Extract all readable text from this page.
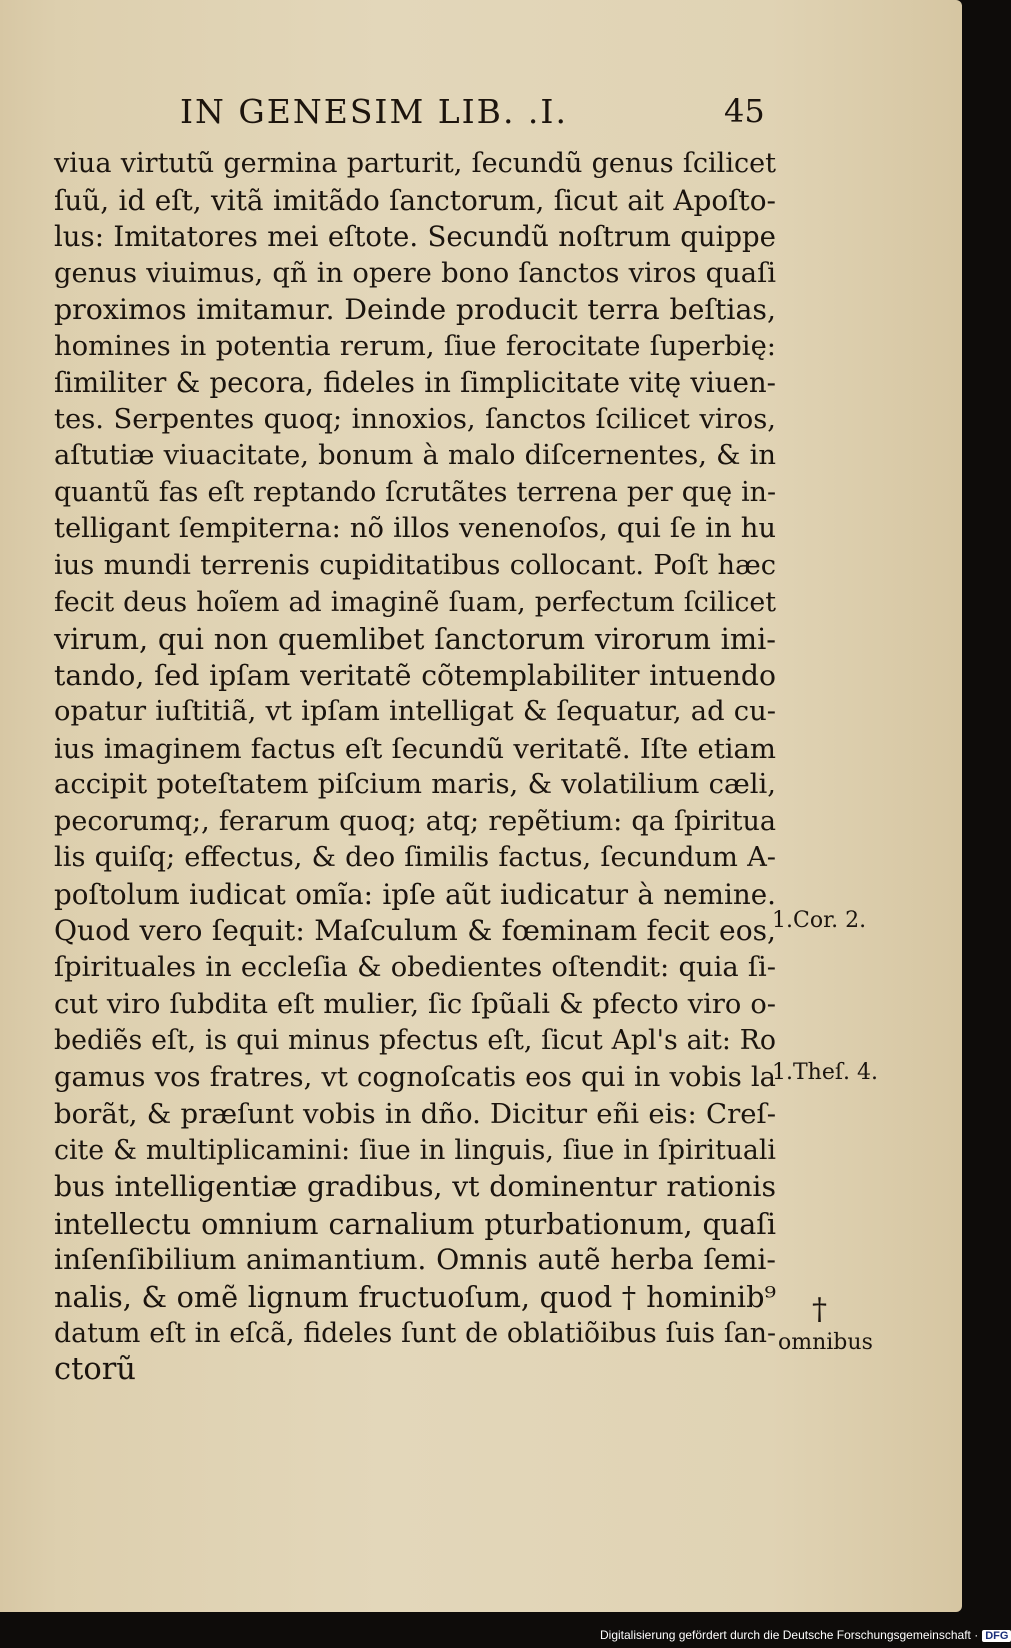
IN GENESIM LIB. .I.	45
viua virtutũ germina parturit, ſecundũ genus ſcilicet
ſuũ, id eſt, vitã imitãdo ſanctorum, ſicut ait Apoſto-
lus: Imitatores mei eſtote. Secundũ noſtrum quippe
genus viuimus, qñ in opere bono ſanctos viros quaſi
proximos imitamur. Deinde producit terra beſtias,
homines in potentia rerum, ſiue ferocitate ſuperbię:
ſimiliter & pecora, fideles in ſimplicitate vitę viuen-
tes. Serpentes quoq; innoxios, ſanctos ſcilicet viros,
aſtutiæ viuacitate, bonum à malo diſcernentes, & in
quantũ fas eſt reptando ſcrutãtes terrena per quę in-
telligant ſempiterna: nõ illos venenoſos, qui ſe in hu
ius mundi terrenis cupiditatibus collocant. Poſt hæc
fecit deus hoĩem ad imaginẽ ſuam, perfectum ſcilicet
virum, qui non quemlibet ſanctorum virorum imi-
tando, ſed ipſam veritatẽ cõtemplabiliter intuendo
opatur iuſtitiã, vt ipſam intelligat & ſequatur, ad cu-
ius imaginem factus eſt ſecundũ veritatẽ. Iſte etiam
accipit poteſtatem piſcium maris, & volatilium cæli,
pecorumq;, ferarum quoq; atq; repẽtium: qa ſpiritua
lis quiſq; effectus, & deo ſimilis factus, ſecundum A-
poſtolum iudicat omĩa: ipſe aũt iudicatur à nemine.
Quod vero ſequit: Maſculum & fœminam fecit eos,
ſpirituales in eccleſia & obedientes oſtendit: quia ſi-
cut viro ſubdita eſt mulier, ſic ſpũali & pfecto viro o-
bediẽs eſt, is qui minus pfectus eſt, ſicut Apl's ait: Ro
gamus vos fratres, vt cognoſcatis eos qui in vobis la
borãt, & præſunt vobis in dño. Dicitur eñi eis: Creſ-
cite & multiplicamini: ſiue in linguis, ſiue in ſpirituali
bus intelligentiæ gradibus, vt dominentur rationis
intellectu omnium carnalium pturbationum, quaſi
inſenſibilium animantium. Omnis autẽ herba ſemi-
nalis, & omẽ lignum fructuoſum, quod † hominib⁹
datum eſt in eſcã, fideles ſunt de oblatiõibus ſuis ſan-
ctorũ
1.Cor. 2.
1.Theſ. 4.
†
omnibus
Digitalisierung gefördert durch die Deutsche Forschungsgemeinschaft · DFG
